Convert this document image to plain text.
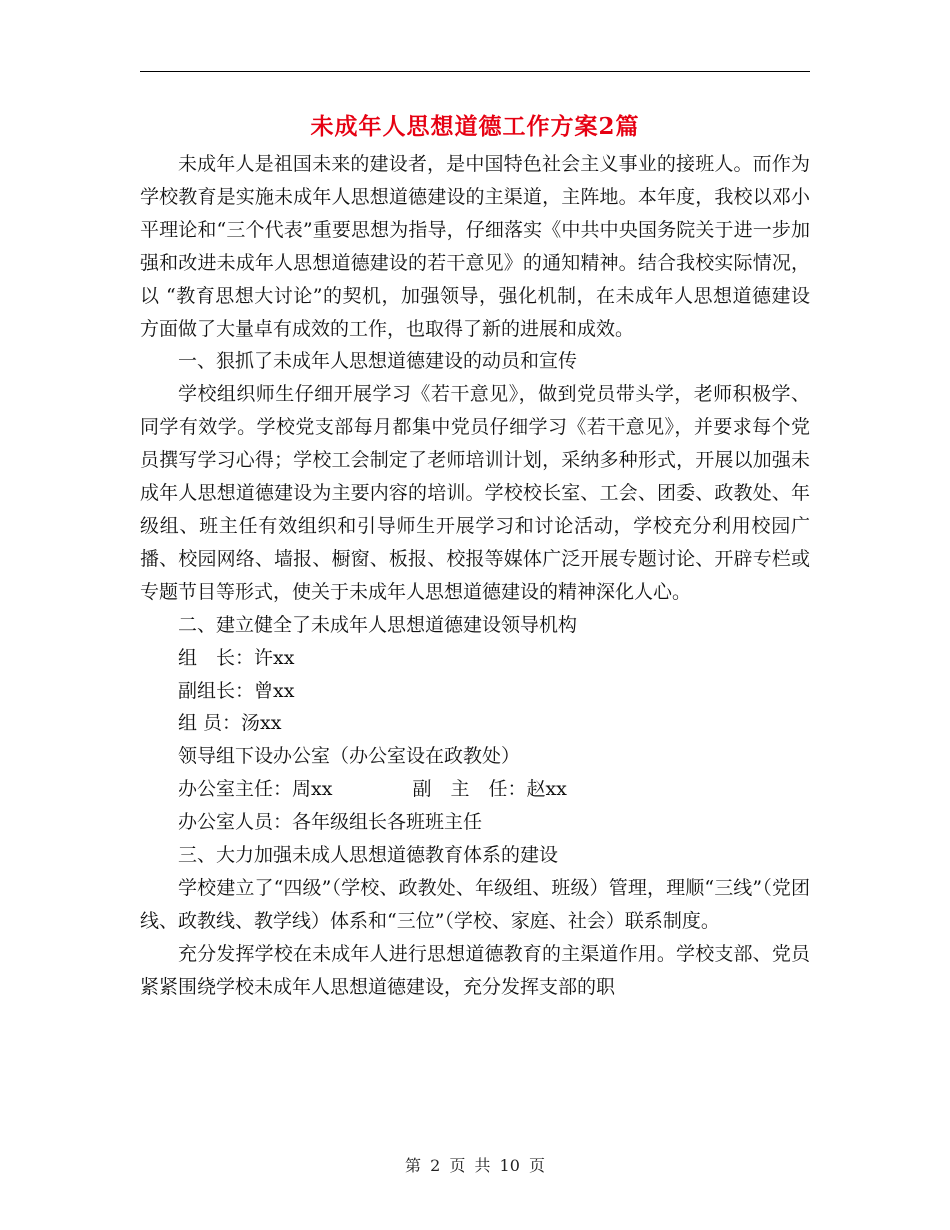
未成年人思想道德工作方案2篇

未成年人是祖国未来的建设者，是中国特色社会主义事业的接班人。而作为学校教育是实施未成年人思想道德建设的主渠道，主阵地。本年度，我校以邓小平理论和“三个代表”重要思想为指导，仔细落实《中共中央国务院关于进一步加强和改进未成年人思想道德建设的若干意见》的通知精神。结合我校实际情况，以 “教育思想大讨论”的契机，加强领导，强化机制，在未成年人思想道德建设方面做了大量卓有成效的工作，也取得了新的进展和成效。

一、狠抓了未成年人思想道德建设的动员和宣传

学校组织师生仔细开展学习《若干意见》，做到党员带头学，老师积极学、同学有效学。学校党支部每月都集中党员仔细学习《若干意见》，并要求每个党员撰写学习心得；学校工会制定了老师培训计划，采纳多种形式，开展以加强未成年人思想道德建设为主要内容的培训。学校校长室、工会、团委、政教处、年级组、班主任有效组织和引导师生开展学习和讨论活动，学校充分利用校园广播、校园网络、墙报、橱窗、板报、校报等媒体广泛开展专题讨论、开辟专栏或专题节目等形式，使关于未成年人思想道德建设的精神深化人心。

二、建立健全了未成年人思想道德建设领导机构

组　长：许xx

副组长：曾xx

组 员：汤xx

领导组下设办公室（办公室设在政教处）

办公室主任：周xx	副　主　任：赵xx

办公室人员：各年级组长各班班主任

三、大力加强未成人思想道德教育体系的建设

学校建立了“四级”（学校、政教处、年级组、班级）管理，理顺“三线”（党团线、政教线、教学线）体系和“三位”（学校、家庭、社会）联系制度。

充分发挥学校在未成年人进行思想道德教育的主渠道作用。学校支部、党员紧紧围绕学校未成年人思想道德建设，充分发挥支部的职

第 2 页 共 10 页
